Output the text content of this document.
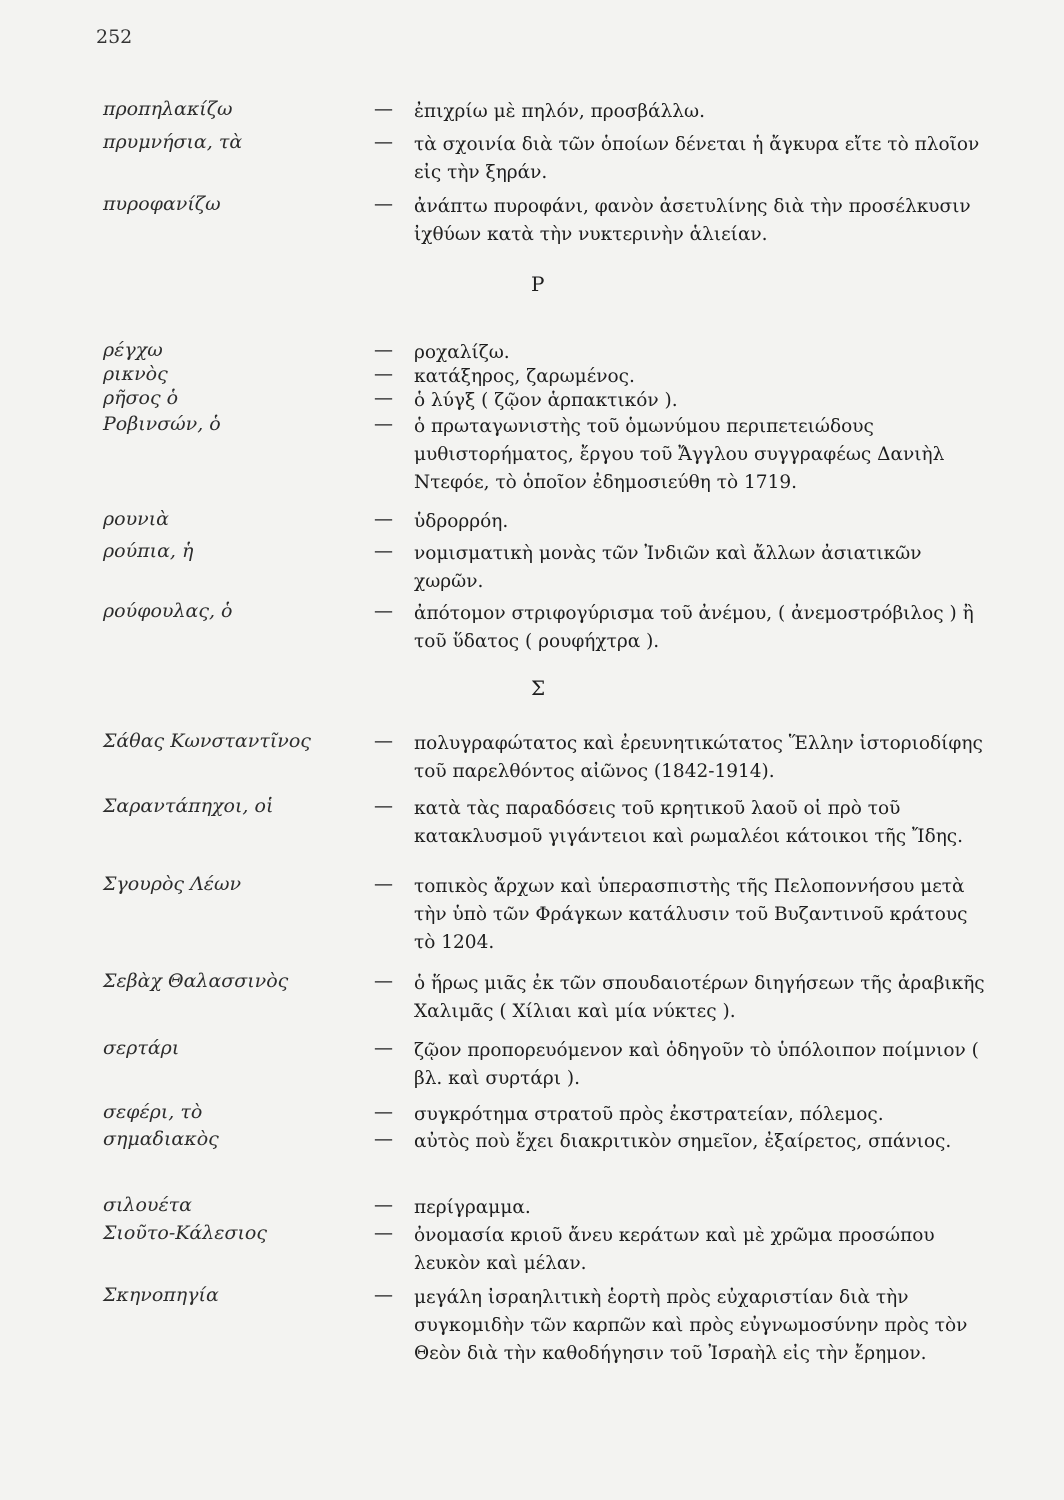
252
προπηλακίζω	— ἐπιχρίω μὲ πηλόν, προσβάλλω.
πρυμνήσια, τὰ	— τὰ σχοινία διὰ τῶν ὁποίων δένεται ἡ ἄγκυρα εἴτε τὸ πλοῖον εἰς τὴν ξηράν.
πυροφανίζω	— ἀνάπτω πυροφάνι, φανὸν ἀσετυλίνης διὰ τὴν προσέλκυσιν ἰχθύων κατὰ τὴν νυκτερινὴν ἁλιείαν.
Ρ
ρέγχω	— ροχαλίζω.
ρικνὸς	— κατάξηρος, ζαρωμένος.
ρῆσος ὁ	— ὁ λύγξ ( ζῷον ἁρπακτικόν ).
Ροβινσών, ὁ	— ὁ πρωταγωνιστὴς τοῦ ὁμωνύμου περιπετειώδους μυθιστορήματος, ἔργου τοῦ Ἄγγλου συγγραφέως Δανιὴλ Ντεφόε, τὸ ὁποῖον ἐδημοσιεύθη τὸ 1719.
ρουνιὰ	— ὑδρορρόη.
ρούπια, ἡ	— νομισματικὴ μονὰς τῶν Ἰνδιῶν καὶ ἄλλων ἀσιατικῶν χωρῶν.
ρούφουλας, ὁ	— ἀπότομον στριφογύρισμα τοῦ ἀνέμου, ( ἀνεμοστρόβιλος ) ἢ τοῦ ὕδατος ( ρουφήχτρα ).
Σ
Σάθας Κωνσταντῖνος	— πολυγραφώτατος καὶ ἐρευνητικώτατος Ἕλλην ἱστοριοδίφης τοῦ παρελθόντος αἰῶνος (1842-1914).
Σαραντάπηχοι, οἱ	— κατὰ τὰς παραδόσεις τοῦ κρητικοῦ λαοῦ οἱ πρὸ τοῦ κατακλυσμοῦ γιγάντειοι καὶ ρωμαλέοι κάτοικοι τῆς Ἴδης.
Σγουρὸς Λέων	— τοπικὸς ἄρχων καὶ ὑπερασπιστὴς τῆς Πελοποννήσου μετὰ τὴν ὑπὸ τῶν Φράγκων κατάλυσιν τοῦ Βυζαντινοῦ κράτους τὸ 1204.
Σεβὰχ Θαλασσινὸς	— ὁ ἥρως μιᾶς ἐκ τῶν σπουδαιοτέρων διηγήσεων τῆς ἀραβικῆς Χαλιμᾶς ( Χίλιαι καὶ μία νύκτες ).
σερτάρι	— ζῷον προπορευόμενον καὶ ὁδηγοῦν τὸ ὑπόλοιπον ποίμνιον ( βλ. καὶ συρτάρι ).
σεφέρι, τὸ	— συγκρότημα στρατοῦ πρὸς ἐκστρατείαν, πόλεμος.
σημαδιακὸς	— αὐτὸς ποὺ ἔχει διακριτικὸν σημεῖον, ἐξαίρετος, σπάνιος.
σιλουέτα	— περίγραμμα.
Σιοῦτο-Κάλεσιος	— ὀνομασία κριοῦ ἄνευ κεράτων καὶ μὲ χρῶμα προσώπου λευκὸν καὶ μέλαν.
Σκηνοπηγία	— μεγάλη ἰσραηλιτικὴ ἑορτὴ πρὸς εὐχαριστίαν διὰ τὴν συγκομιδὴν τῶν καρπῶν καὶ πρὸς εὐγνωμοσύνην πρὸς τὸν Θεὸν διὰ τὴν καθοδήγησιν τοῦ Ἰσραὴλ εἰς τὴν ἔρημον.
